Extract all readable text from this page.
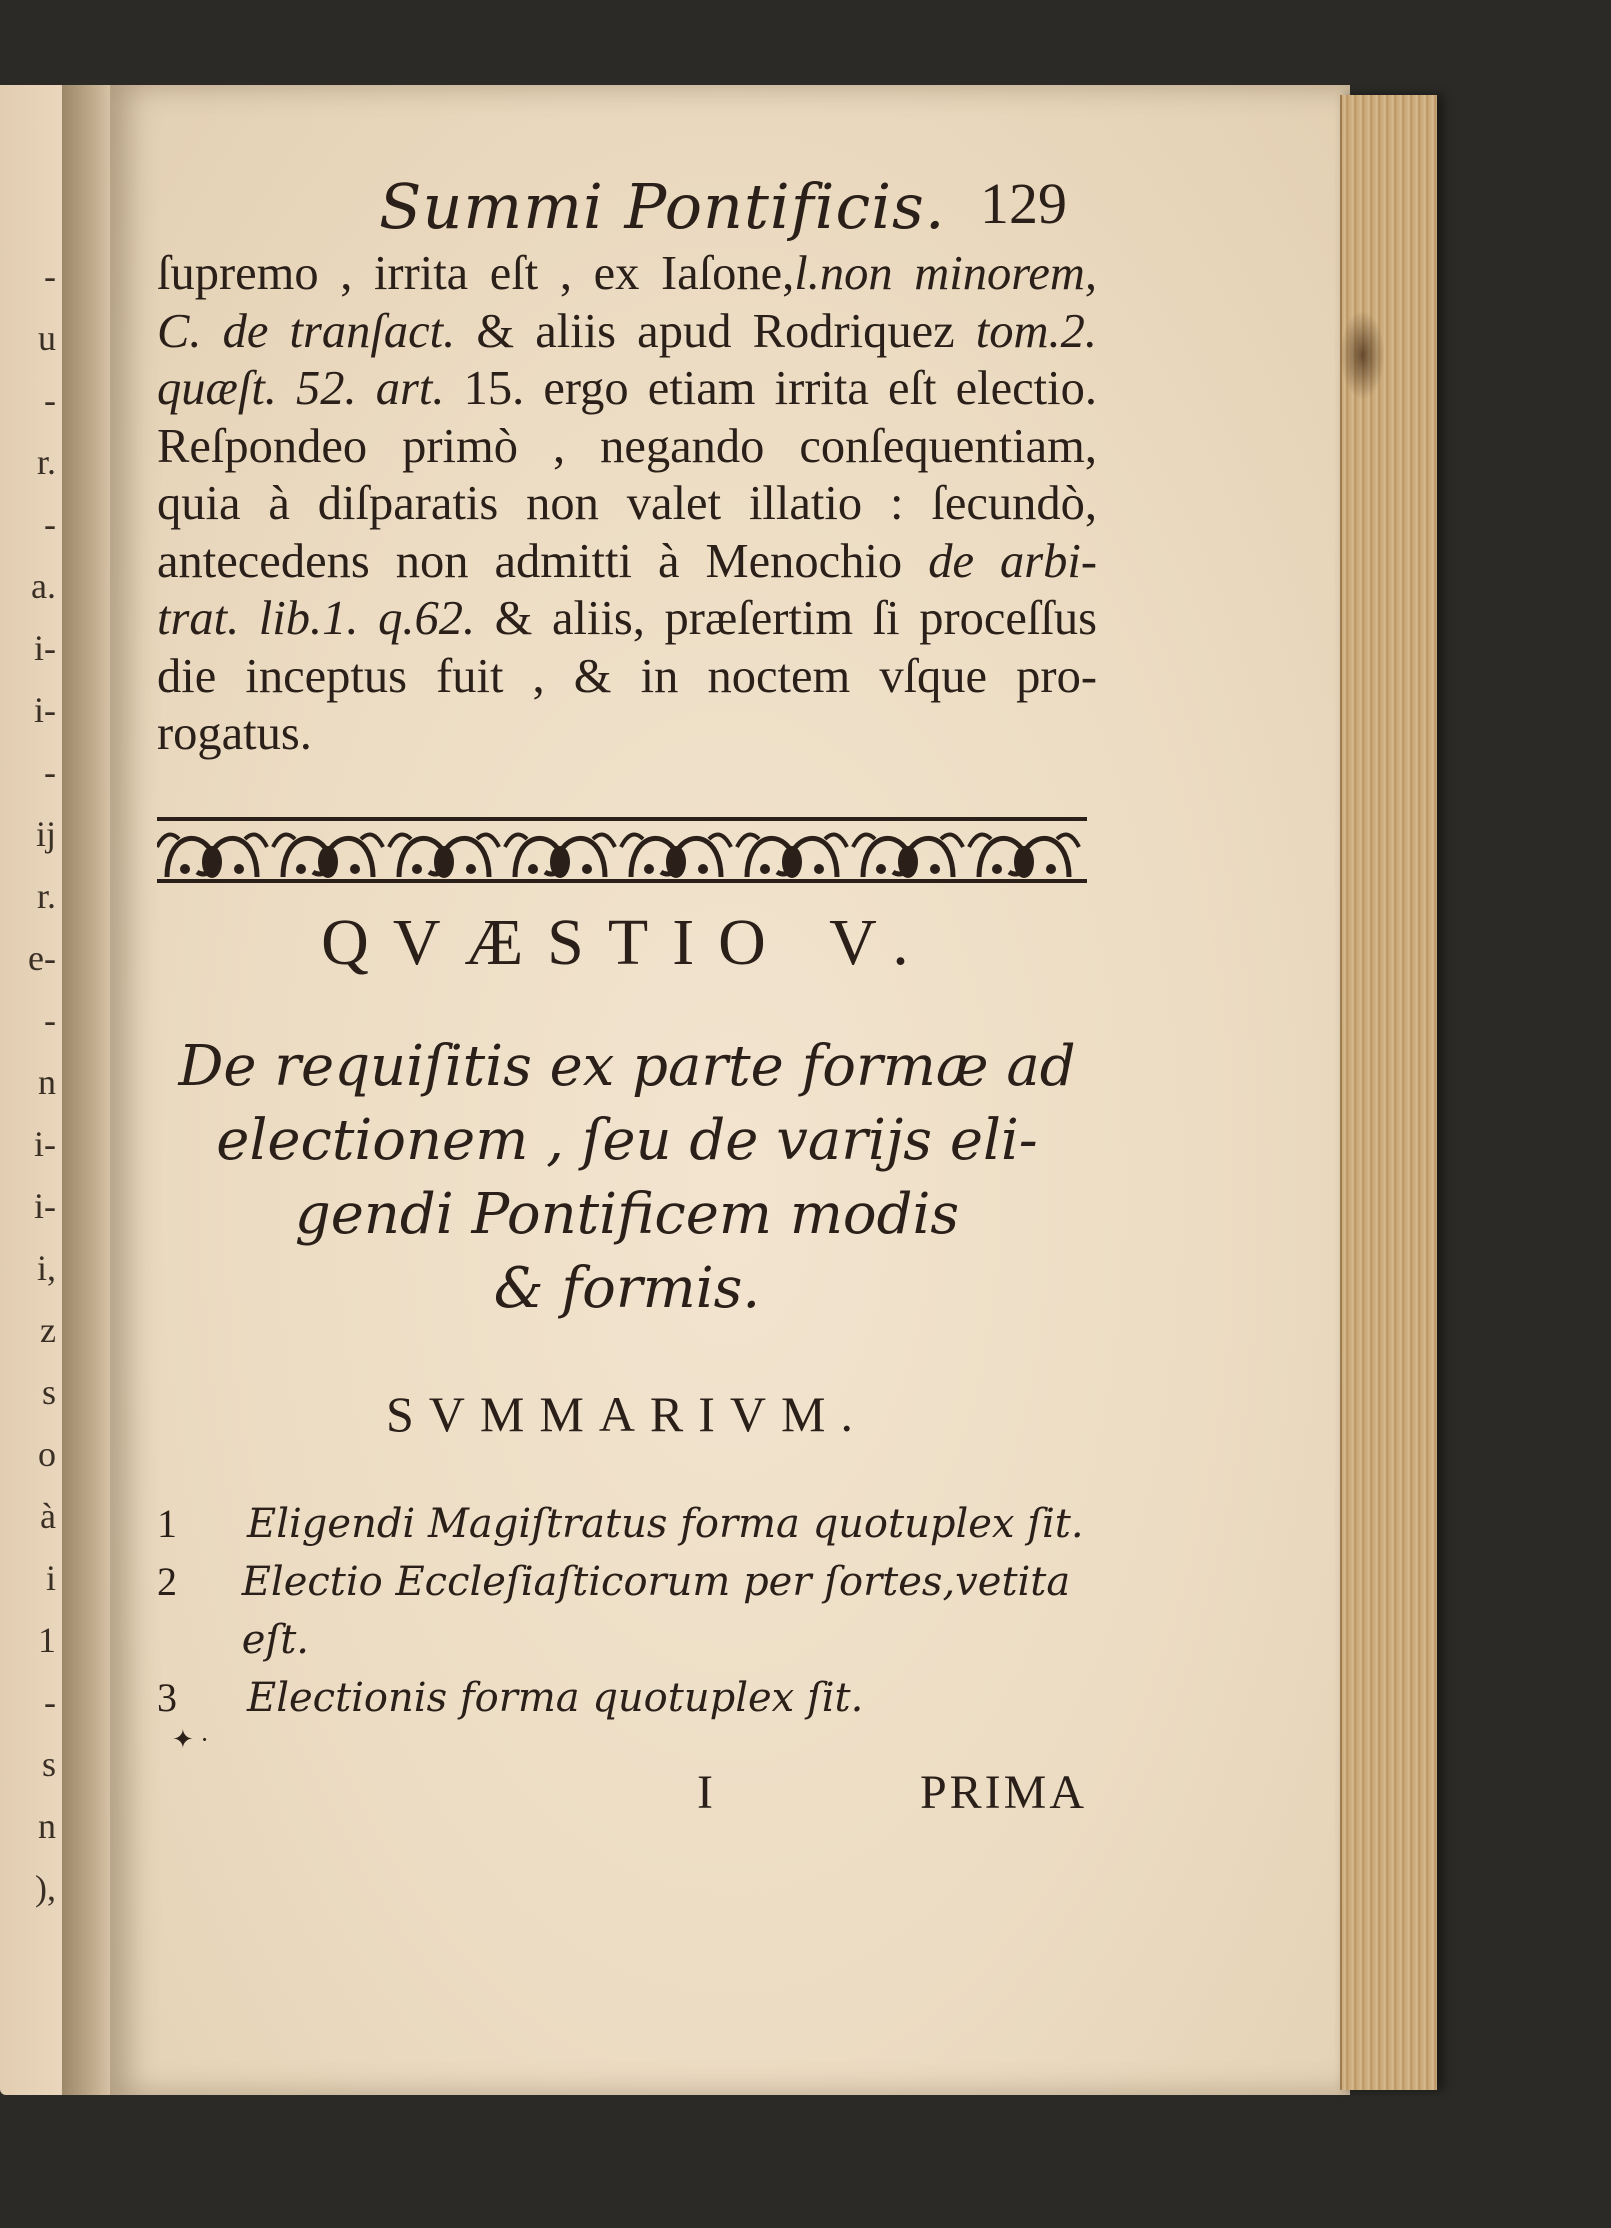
-
u
-
r.
-
a.
i-
i-
-
ij
r.
e-
-
n
i-
i-
i,
z
s
o
à
i
1
-
s
n
),
Summi Pontificis. 129
ſupremo , irrita eſt , ex Iaſone,l.non minorem,
C. de tranſact. & aliis apud Rodriquez tom.2.
quæſt. 52. art. 15. ergo etiam irrita eſt electio.
Reſpondeo primò , negando conſequentiam,
quia à diſparatis non valet illatio : ſecundò,
antecedens non admitti à Menochio de arbi-
trat. lib.1. q.62. & aliis, præſertim ſi proceſſus
die inceptus fuit , & in noctem vſque pro-
rogatus.
QVÆSTIO V.
De requiſitis ex parte formæ ad
electionem , ſeu de varijs eli-
gendi Pontificem modis
& formis.
SVMMARIVM.
1	Eligendi Magiſtratus forma quotuplex ſit.
2	Electio Eccleſiaſticorum per ſortes,vetita eſt.
3	Electionis forma quotuplex ſit.
✦ ·
I	PRIMA
